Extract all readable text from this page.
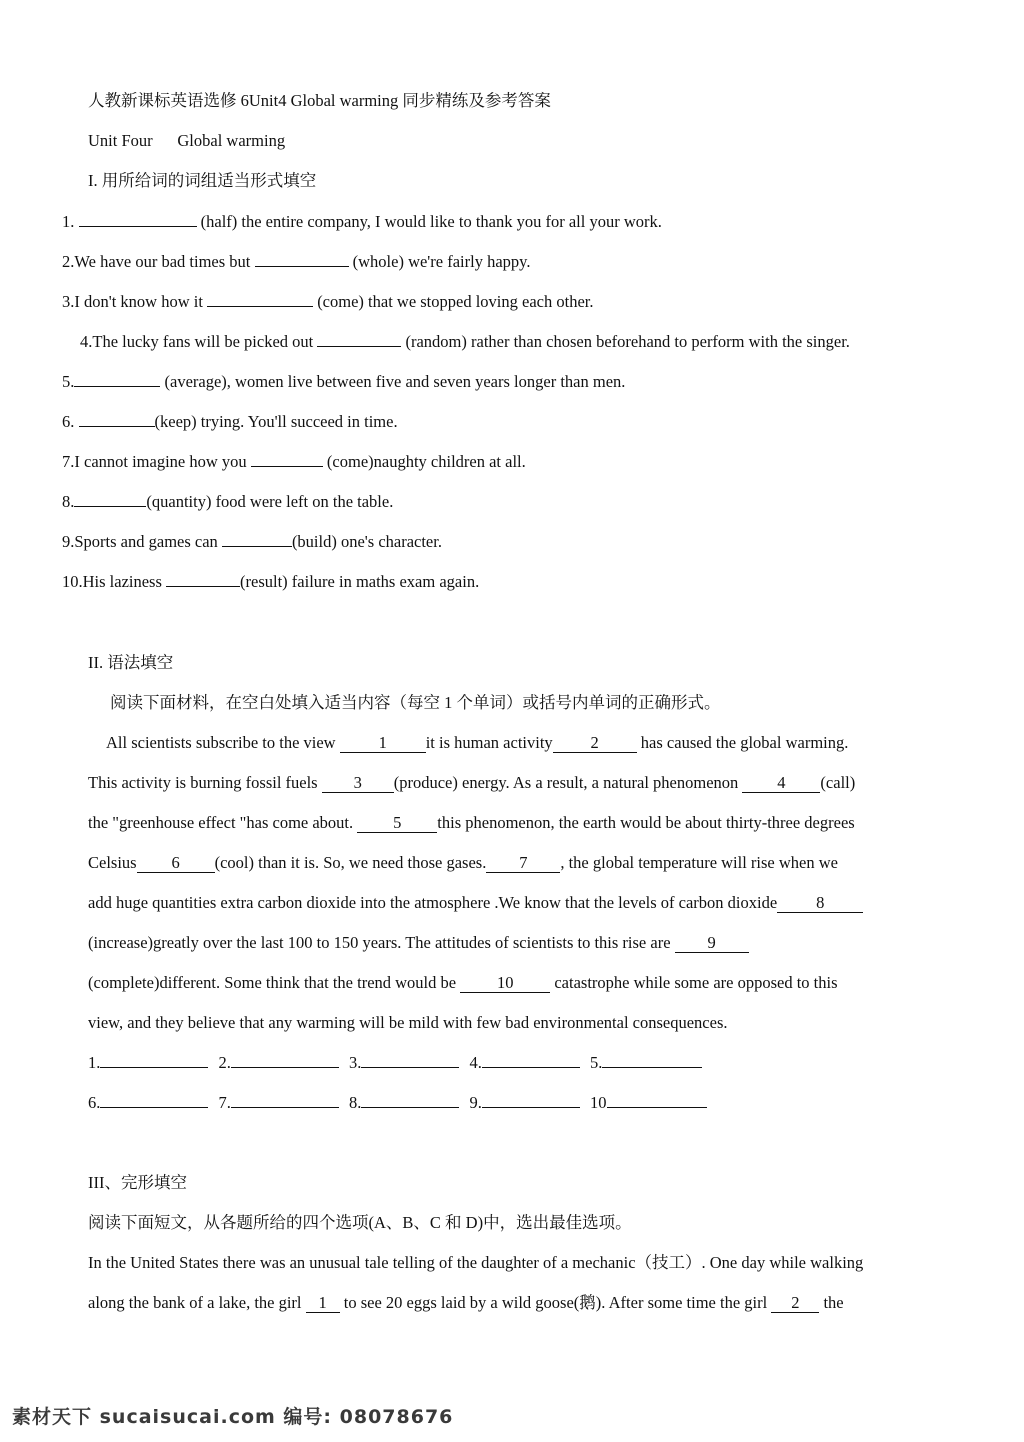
人教新课标英语选修 6Unit4 Global warming 同步精练及参考答案
Unit Four      Global warming
I. 用所给词的词组适当形式填空
1.	(half) the entire company, I would like to thank you for all your work.
2.We have our bad times but	(whole) we're fairly happy.
3.I don't know how it	(come) that we stopped loving each other.
4.The lucky fans will be picked out	(random) rather than chosen beforehand to perform with the singer.
5.	(average), women live between five and seven years longer than men.
6.	(keep) trying. You'll succeed in time.
7.I cannot imagine how you	(come)naughty children at all.
8.	(quantity) food were left on the table.
9.Sports and games can	(build) one's character.
10.His laziness	(result) failure in maths exam again.
II. 语法填空
阅读下面材料，在空白处填入适当内容（每空 1 个单词）或括号内单词的正确形式。
All scientists subscribe to the view 1 it is human activity 2 has caused the global warming.
This activity is burning fossil fuels 3 (produce) energy. As a result, a natural phenomenon 4 (call)
the "greenhouse effect "has come about. 5 this phenomenon, the earth would be about thirty-three degrees
Celsius 6 (cool) than it is. So, we need those gases. 7 , the global temperature will rise when we
add huge quantities extra carbon dioxide into the atmosphere .We know that the levels of carbon dioxide 8
(increase)greatly over the last 100 to 150 years. The attitudes of scientists to this rise are 9
(complete)different. Some think that the trend would be 10 catastrophe while some are opposed to this
view, and they believe that any warming will be mild with few bad environmental consequences.
1.	2.	3.	4.	5.
6.	7.	8.	9.	10
III、完形填空
阅读下面短文，从各题所给的四个选项(A、B、C 和 D)中，选出最佳选项。
In the United States there was an unusual tale telling of the daughter of a mechanic（技工）. One day while walking
along the bank of a lake, the girl 1 to see 20 eggs laid by a wild goose(鹅). After some time the girl 2 the
素材天下 sucaisucai.com 编号: 08078676
